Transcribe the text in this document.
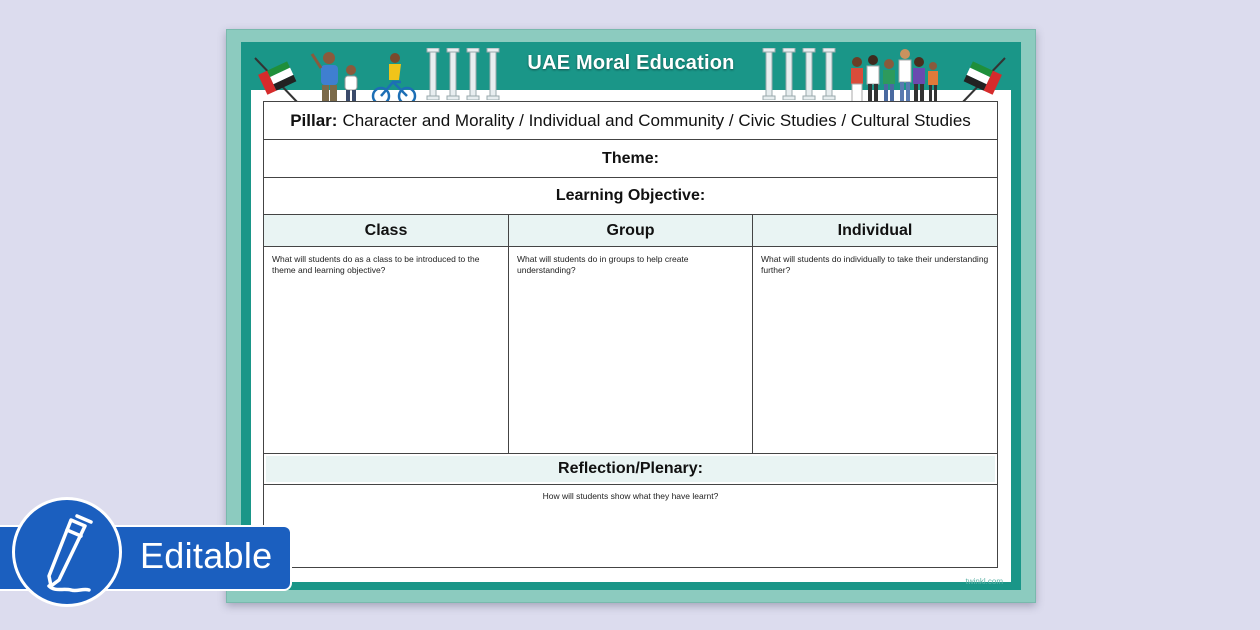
UAE Moral Education
twinkl.com
Pillar: Character and Morality / Individual and Community / Civic Studies / Cultural Studies
Theme:
Learning Objective:
Class	Group	Individual
What will students do as a class to be introduced to the theme and learning objective?
What will students do in groups to help create understanding?
What will students do individually to take their understanding further?
Reflection/Plenary:
How will students show what they have learnt?
Editable
